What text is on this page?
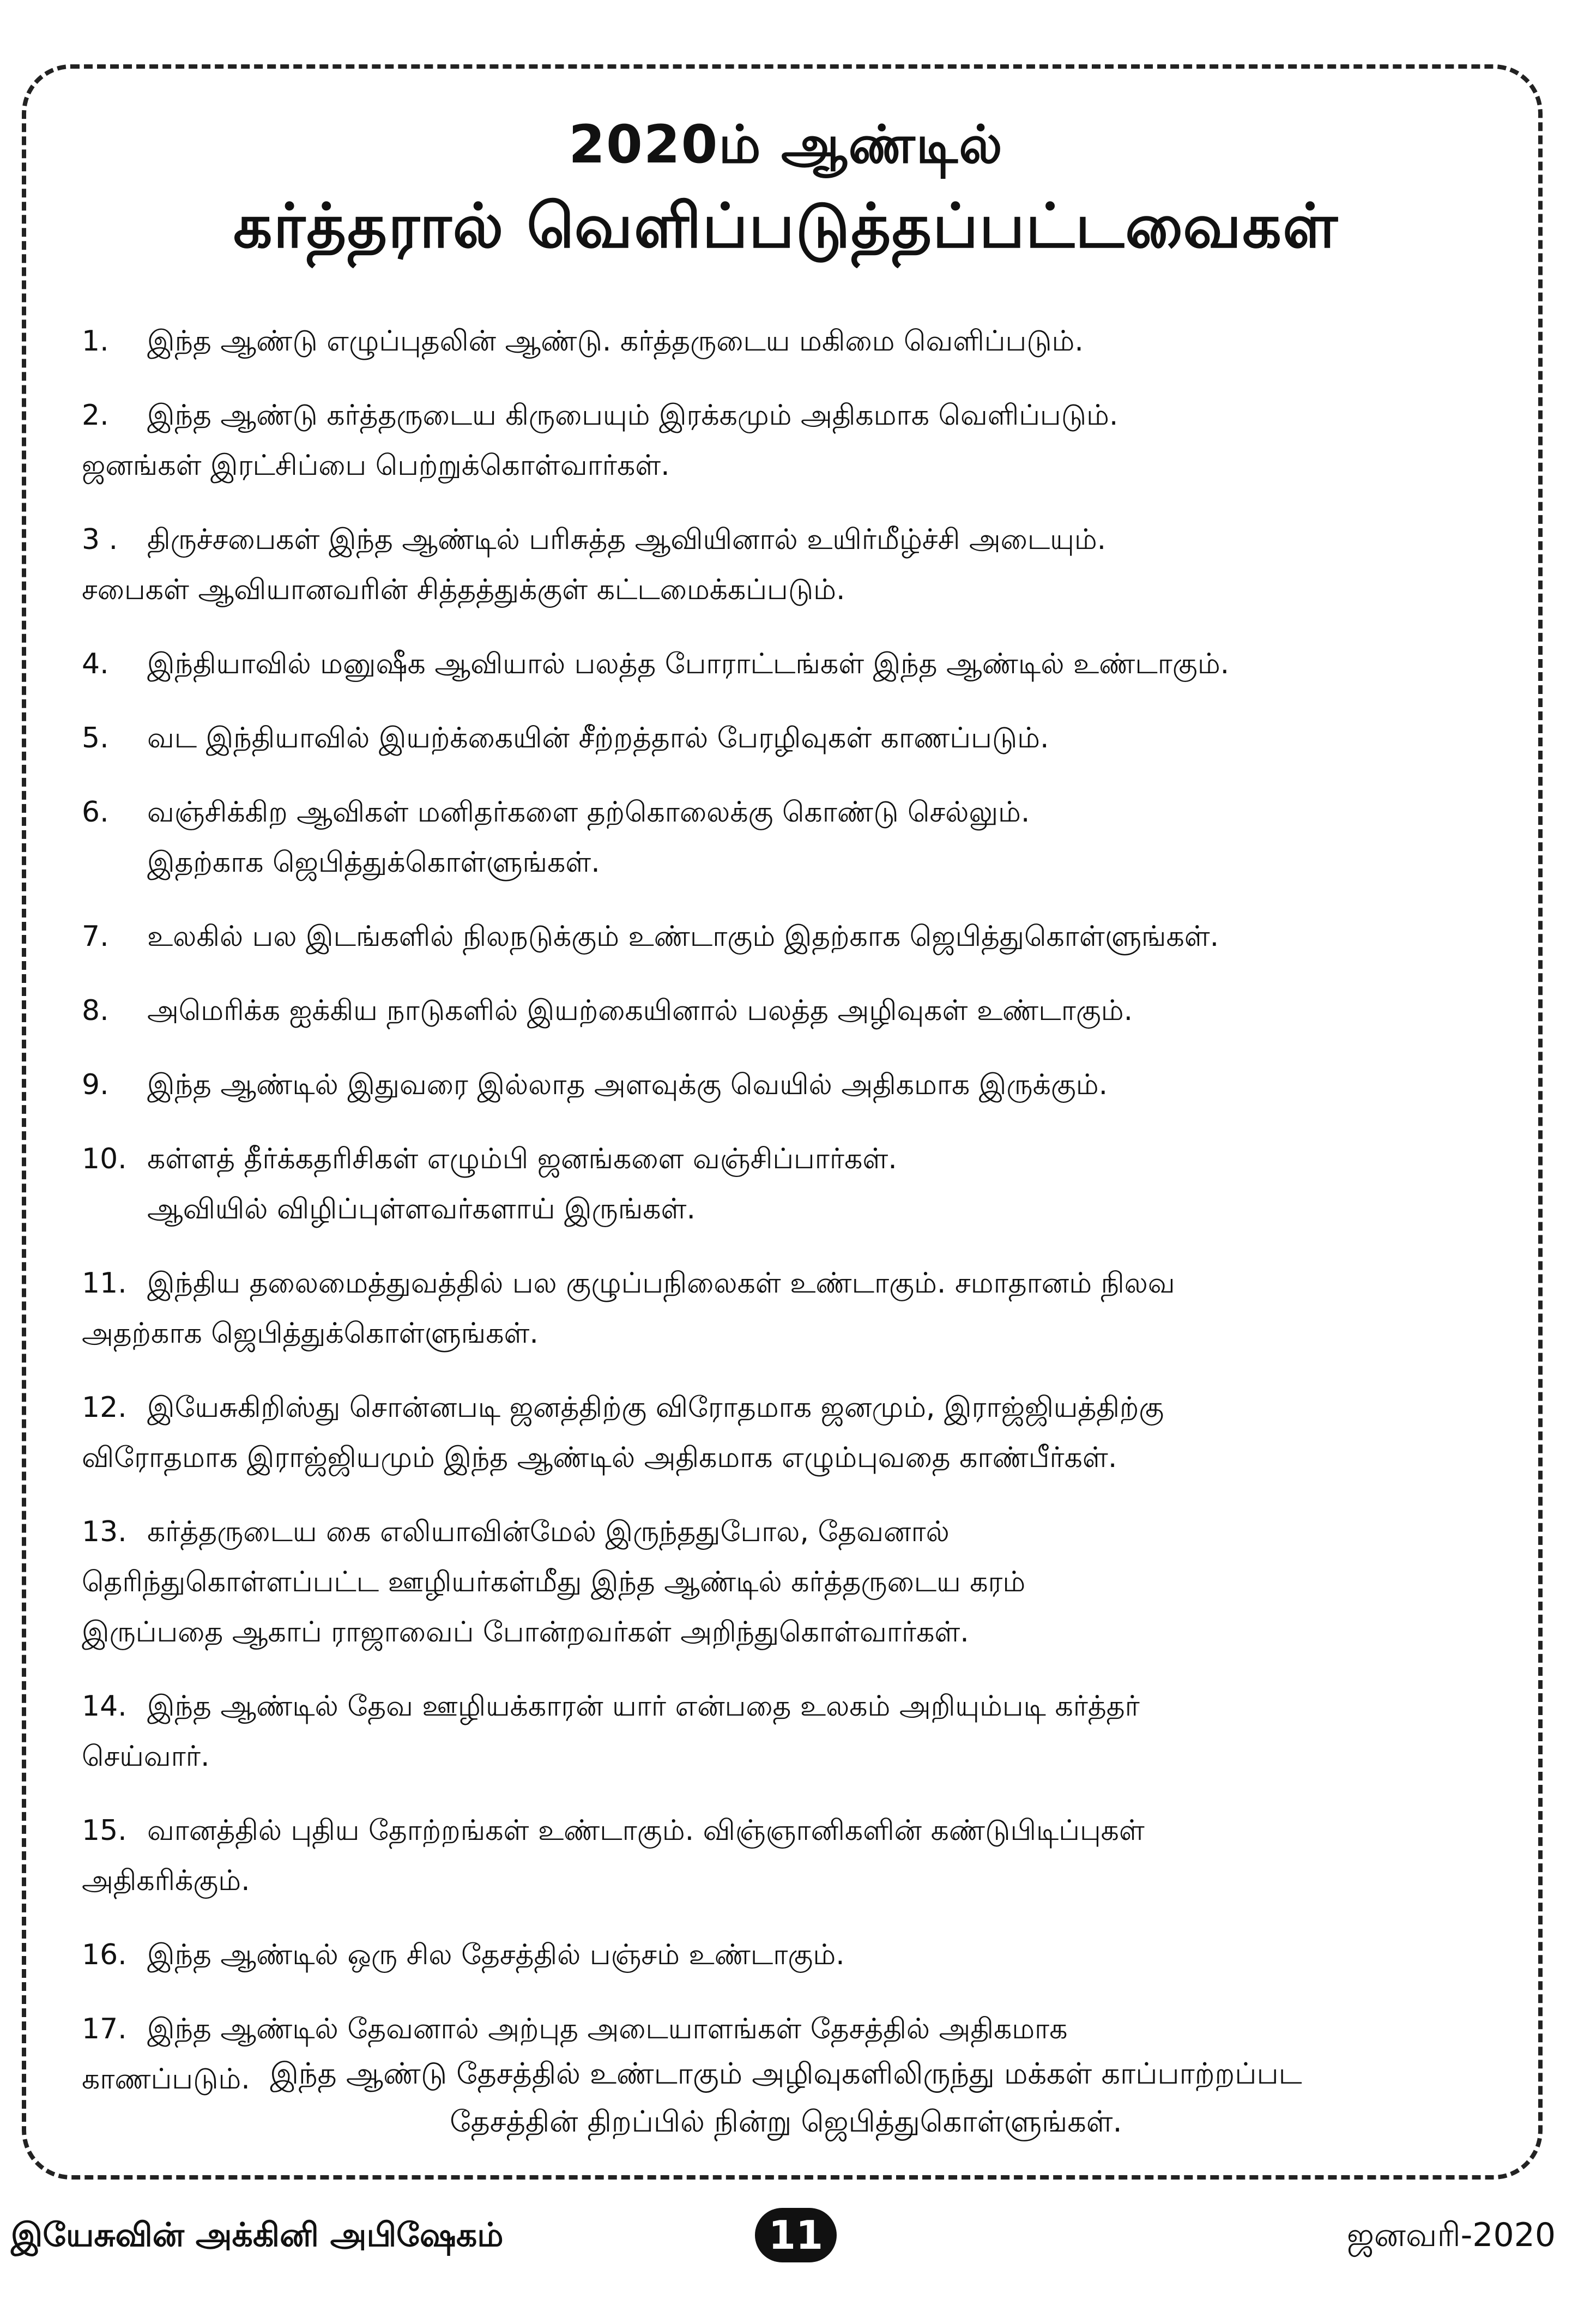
2020ம் ஆண்டில்
கர்த்தரால் வெளிப்படுத்தப்பட்டவைகள்
1. இந்த ஆண்டு எழுப்புதலின் ஆண்டு. கர்த்தருடைய மகிமை வெளிப்படும்.
2. இந்த ஆண்டு கர்த்தருடைய கிருபையும் இரக்கமும் அதிகமாக வெளிப்படும்.
ஜனங்கள் இரட்சிப்பை பெற்றுக்கொள்வார்கள்.
3 . திருச்சபைகள் இந்த ஆண்டில் பரிசுத்த ஆவியினால் உயிர்மீழ்ச்சி அடையும்.
சபைகள் ஆவியானவரின் சித்தத்துக்குள் கட்டமைக்கப்படும்.
4. இந்தியாவில் மனுஷீக ஆவியால் பலத்த போராட்டங்கள் இந்த ஆண்டில் உண்டாகும்.
5. வட இந்தியாவில் இயற்க்கையின் சீற்றத்தால் பேரழிவுகள் காணப்படும்.
6. வஞ்சிக்கிற ஆவிகள் மனிதர்களை தற்கொலைக்கு கொண்டு செல்லும்.
இதற்காக ஜெபித்துக்கொள்ளுங்கள்.
7. உலகில் பல இடங்களில் நிலநடுக்கும் உண்டாகும் இதற்காக ஜெபித்துகொள்ளுங்கள்.
8. அமெரிக்க ஐக்கிய நாடுகளில் இயற்கையினால் பலத்த அழிவுகள் உண்டாகும்.
9. இந்த ஆண்டில் இதுவரை இல்லாத அளவுக்கு வெயில் அதிகமாக இருக்கும்.
10. கள்ளத் தீர்க்கதரிசிகள் எழும்பி ஜனங்களை வஞ்சிப்பார்கள்.
ஆவியில் விழிப்புள்ளவர்களாய் இருங்கள்.
11. இந்திய தலைமைத்துவத்தில் பல குழுப்பநிலைகள் உண்டாகும். சமாதானம் நிலவ
அதற்காக ஜெபித்துக்கொள்ளுங்கள்.
12. இயேசுகிறிஸ்து சொன்னபடி ஜனத்திற்கு விரோதமாக ஜனமும், இராஜ்ஜியத்திற்கு
விரோதமாக இராஜ்ஜியமும் இந்த ஆண்டில் அதிகமாக எழும்புவதை காண்பீர்கள்.
13. கர்த்தருடைய கை எலியாவின்மேல் இருந்ததுபோல, தேவனால்
தெரிந்துகொள்ளப்பட்ட ஊழியர்கள்மீது இந்த ஆண்டில் கர்த்தருடைய கரம்
இருப்பதை ஆகாப் ராஜாவைப் போன்றவர்கள் அறிந்துகொள்வார்கள்.
14. இந்த ஆண்டில் தேவ ஊழியக்காரன் யார் என்பதை உலகம் அறியும்படி கர்த்தர்
செய்வார்.
15. வானத்தில் புதிய தோற்றங்கள் உண்டாகும். விஞ்ஞானிகளின் கண்டுபிடிப்புகள்
அதிகரிக்கும்.
16. இந்த ஆண்டில் ஒரு சில தேசத்தில் பஞ்சம் உண்டாகும்.
17. இந்த ஆண்டில் தேவனால் அற்புத அடையாளங்கள் தேசத்தில் அதிகமாக
காணப்படும். இந்த ஆண்டு தேசத்தில் உண்டாகும் அழிவுகளிலிருந்து மக்கள் காப்பாற்றப்பட
தேசத்தின் திறப்பில் நின்று ஜெபித்துகொள்ளுங்கள்.
இயேசுவின் அக்கினி அபிஷேகம்	11	ஜனவரி-2020
